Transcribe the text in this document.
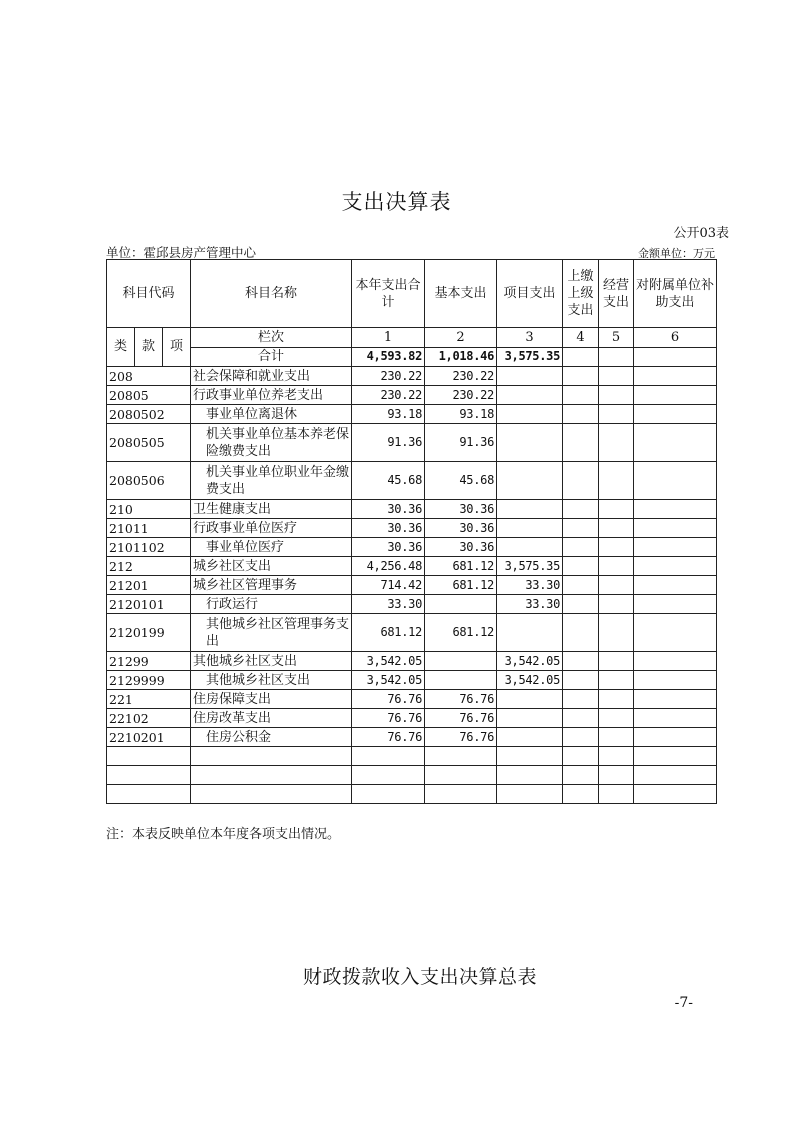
支出决算表
公开03表
单位：霍邱县房产管理中心	金额单位：万元
科目代码	科目名称	本年支出合计	基本支出	项目支出	上缴上级支出	经营支出	对附属单位补助支出

类 款 项	栏次	1	2	3	4	5	6
	合计	4,593.82	1,018.46	3,575.35			
208	社会保障和就业支出	230.22	230.22				
20805	行政事业单位养老支出	230.22	230.22				
2080502	事业单位离退休	93.18	93.18				
2080505	机关事业单位基本养老保险缴费支出	91.36	91.36				
2080506	机关事业单位职业年金缴费支出	45.68	45.68				
210	卫生健康支出	30.36	30.36				
21011	行政事业单位医疗	30.36	30.36				
2101102	事业单位医疗	30.36	30.36				
212	城乡社区支出	4,256.48	681.12	3,575.35			
21201	城乡社区管理事务	714.42	681.12	33.30			
2120101	行政运行	33.30		33.30			
2120199	其他城乡社区管理事务支出	681.12	681.12				
21299	其他城乡社区支出	3,542.05		3,542.05			
2129999	其他城乡社区支出	3,542.05		3,542.05			
221	住房保障支出	76.76	76.76				
22102	住房改革支出	76.76	76.76				
2210201	住房公积金	76.76	76.76				

注：本表反映单位本年度各项支出情况。
财政拨款收入支出决算总表
-7-
